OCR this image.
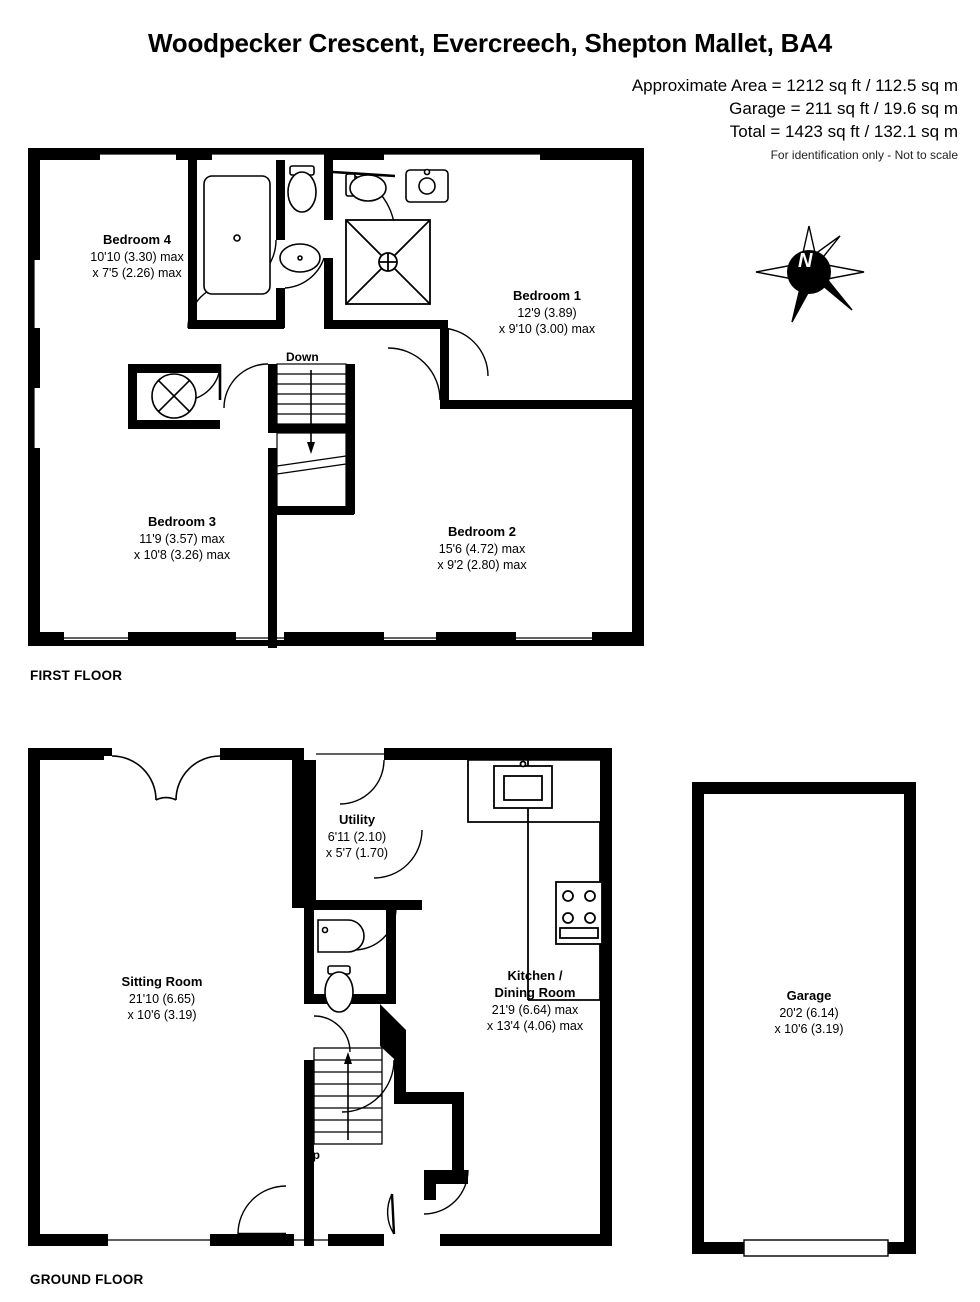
Woodpecker Crescent, Evercreech, Shepton Mallet, BA4
Approximate Area = 1212 sq ft / 112.5 sq m
Garage = 211 sq ft / 19.6 sq m
Total = 1423 sq ft / 132.1 sq m
For identification only - Not to scale
N
Bedroom 4
10'10 (3.30) max
x 7'5 (2.26) max
Bedroom 1
12'9 (3.89)
x 9'10 (3.00) max
Bedroom 3
11'9 (3.57) max
x 10'8 (3.26) max
Bedroom 2
15'6 (4.72) max
x 9'2 (2.80) max
Down
FIRST FLOOR
Utility
6'11 (2.10)
x 5'7 (1.70)
Sitting Room
21'10 (6.65)
x 10'6 (3.19)
Kitchen /
Dining Room
21'9 (6.64) max
x 13'4 (4.06) max
Up
Garage
20'2 (6.14)
x 10'6 (3.19)
GROUND FLOOR
